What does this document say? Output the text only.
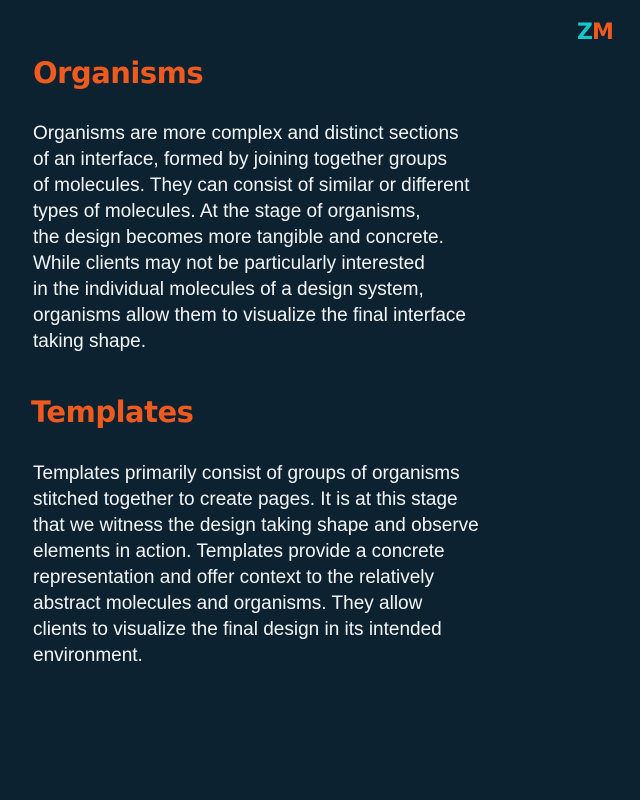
ZM
Organisms
Organisms are more complex and distinct sections
of an interface, formed by joining together groups
of molecules. They can consist of similar or different
types of molecules. At the stage of organisms,
the design becomes more tangible and concrete.
While clients may not be particularly interested
in the individual molecules of a design system,
organisms allow them to visualize the final interface
taking shape.
Templates
Templates primarily consist of groups of organisms
stitched together to create pages. It is at this stage
that we witness the design taking shape and observe
elements in action. Templates provide a concrete
representation and offer context to the relatively
abstract molecules and organisms. They allow
clients to visualize the final design in its intended
environment.
